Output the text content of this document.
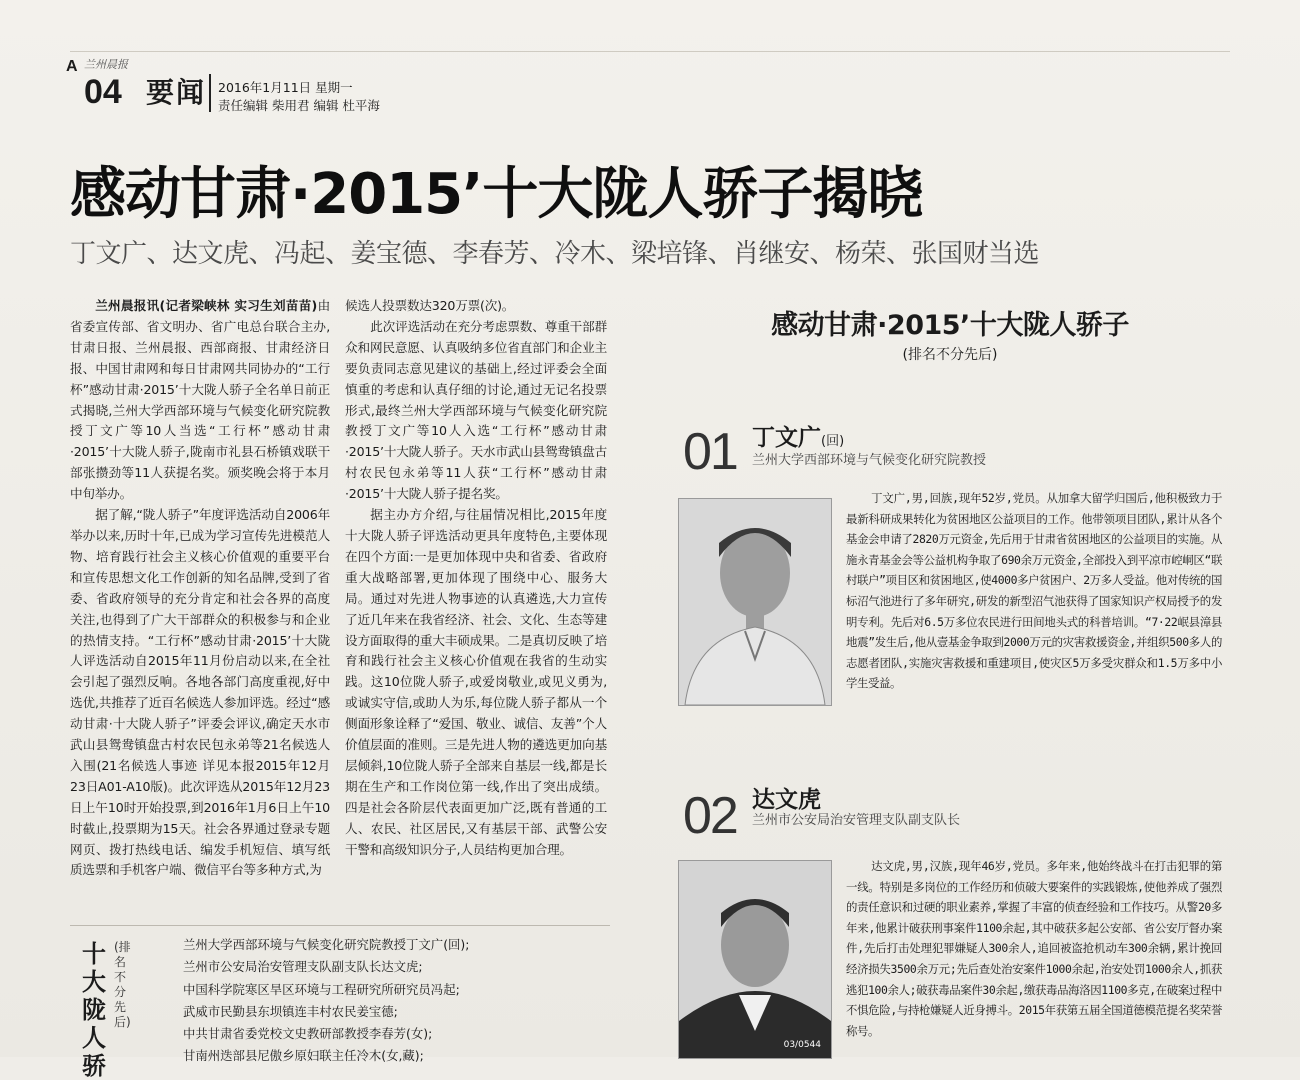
A 兰州晨报
04 要闻 2016年1月11日 星期一
责任编辑 柴用君 编辑 杜平海
感动甘肃·2015’十大陇人骄子揭晓
丁文广、达文虎、冯起、姜宝德、李春芳、冷木、梁培锋、肖继安、杨荣、张国财当选
兰州晨报讯(记者梁峡林 实习生刘苗苗)由省委宣传部、省文明办、省广电总台联合主办,甘肃日报、兰州晨报、西部商报、甘肃经济日报、中国甘肃网和每日甘肃网共同协办的“工行杯”感动甘肃·2015’十大陇人骄子全名单日前正式揭晓,兰州大学西部环境与气候变化研究院教授丁文广等10人当选“工行杯”感动甘肃·2015’十大陇人骄子,陇南市礼县石桥镇戏联干部张攒劲等11人获提名奖。颁奖晚会将于本月中旬举办。
据了解,“陇人骄子”年度评选活动自2006年举办以来,历时十年,已成为学习宣传先进模范人物、培育践行社会主义核心价值观的重要平台和宣传思想文化工作创新的知名品牌,受到了省委、省政府领导的充分肯定和社会各界的高度关注,也得到了广大干部群众的积极参与和企业的热情支持。“工行杯”感动甘肃·2015’十大陇人评选活动自2015年11月份启动以来,在全社会引起了强烈反响。各地各部门高度重视,好中选优,共推荐了近百名候选人参加评选。经过“感动甘肃·十大陇人骄子”评委会评议,确定天水市武山县鸳鸯镇盘古村农民包永弟等21名候选人入围(21名候选人事迹 详见本报2015年12月23日A01-A10版)。此次评选从2015年12月23日上午10时开始投票,到2016年1月6日上午10时截止,投票期为15天。社会各界通过登录专题网页、拨打热线电话、编发手机短信、填写纸质选票和手机客户端、微信平台等多种方式,为
候选人投票数达320万票(次)。
此次评选活动在充分考虑票数、尊重干部群众和网民意愿、认真吸纳多位省直部门和企业主要负责同志意见建议的基础上,经过评委会全面慎重的考虑和认真仔细的讨论,通过无记名投票形式,最终兰州大学西部环境与气候变化研究院教授丁文广等10人入选“工行杯”感动甘肃·2015’十大陇人骄子。天水市武山县鸳鸯镇盘古村农民包永弟等11人获“工行杯”感动甘肃·2015’十大陇人骄子提名奖。
据主办方介绍,与往届情况相比,2015年度十大陇人骄子评选活动更具年度特色,主要体现在四个方面:一是更加体现中央和省委、省政府重大战略部署,更加体现了围绕中心、服务大局。通过对先进人物事迹的认真遴选,大力宣传了近几年来在我省经济、社会、文化、生态等建设方面取得的重大丰硕成果。二是真切反映了培育和践行社会主义核心价值观在我省的生动实践。这10位陇人骄子,或爱岗敬业,或见义勇为,或诚实守信,或助人为乐,每位陇人骄子都从一个侧面形象诠释了“爱国、敬业、诚信、友善”个人价值层面的准则。三是先进人物的遴选更加向基层倾斜,10位陇人骄子全部来自基层一线,都是长期在生产和工作岗位第一线,作出了突出成绩。四是社会各阶层代表面更加广泛,既有普通的工人、农民、社区居民,又有基层干部、武警公安干警和高级知识分子,人员结构更加合理。
感动甘肃·2015’十大陇人骄子
(排名不分先后)
01 丁文广(回)
兰州大学西部环境与气候变化研究院教授
丁文广,男,回族,现年52岁,党员。从加拿大留学归国后,他积极致力于最新科研成果转化为贫困地区公益项目的工作。他带领项目团队,累计从各个基金会申请了2820万元资金,先后用于甘肃省贫困地区的公益项目的实施。从施永青基金会等公益机构争取了690余万元资金,全部投入到平凉市崆峒区“联村联户”项目区和贫困地区,使4000多户贫困户、2万多人受益。他对传统的国标沼气池进行了多年研究,研发的新型沼气池获得了国家知识产权局授予的发明专利。先后对6.5万多位农民进行田间地头式的科普培训。“7·22岷县漳县地震”发生后,他从壹基金争取到2000万元的灾害救援资金,并组织500多人的志愿者团队,实施灾害救援和重建项目,使灾区5万多受灾群众和1.5万多中小学生受益。
02 达文虎
兰州市公安局治安管理支队副支队长
03/0544
达文虎,男,汉族,现年46岁,党员。多年来,他始终战斗在打击犯罪的第一线。特别是多岗位的工作经历和侦破大要案件的实践锻炼,使他养成了强烈的责任意识和过硬的职业素养,掌握了丰富的侦查经验和工作技巧。从警20多年来,他累计破获刑事案件1100余起,其中破获多起公安部、省公安厅督办案件,先后打击处理犯罪嫌疑人300余人,追回被盗抢机动车300余辆,累计挽回经济损失3500余万元;先后查处治安案件1000余起,治安处罚1000余人,抓获逃犯100余人;破获毒品案件30余起,缴获毒品海洛因1100多克,在破案过程中不惧危险,与持枪嫌疑人近身搏斗。2015年获第五届全国道德模范提名奖荣誉称号。
十大陇人骄
(排名不分先后)
兰州大学西部环境与气候变化研究院教授丁文广(回);
兰州市公安局治安管理支队副支队长达文虎;
中国科学院寒区旱区环境与工程研究所研究员冯起;
武威市民勤县东坝镇连丰村农民姜宝德;
中共甘肃省委党校文史教研部教授李春芳(女);
甘南州迭部县尼傲乡原妇联主任冷木(女,藏);
